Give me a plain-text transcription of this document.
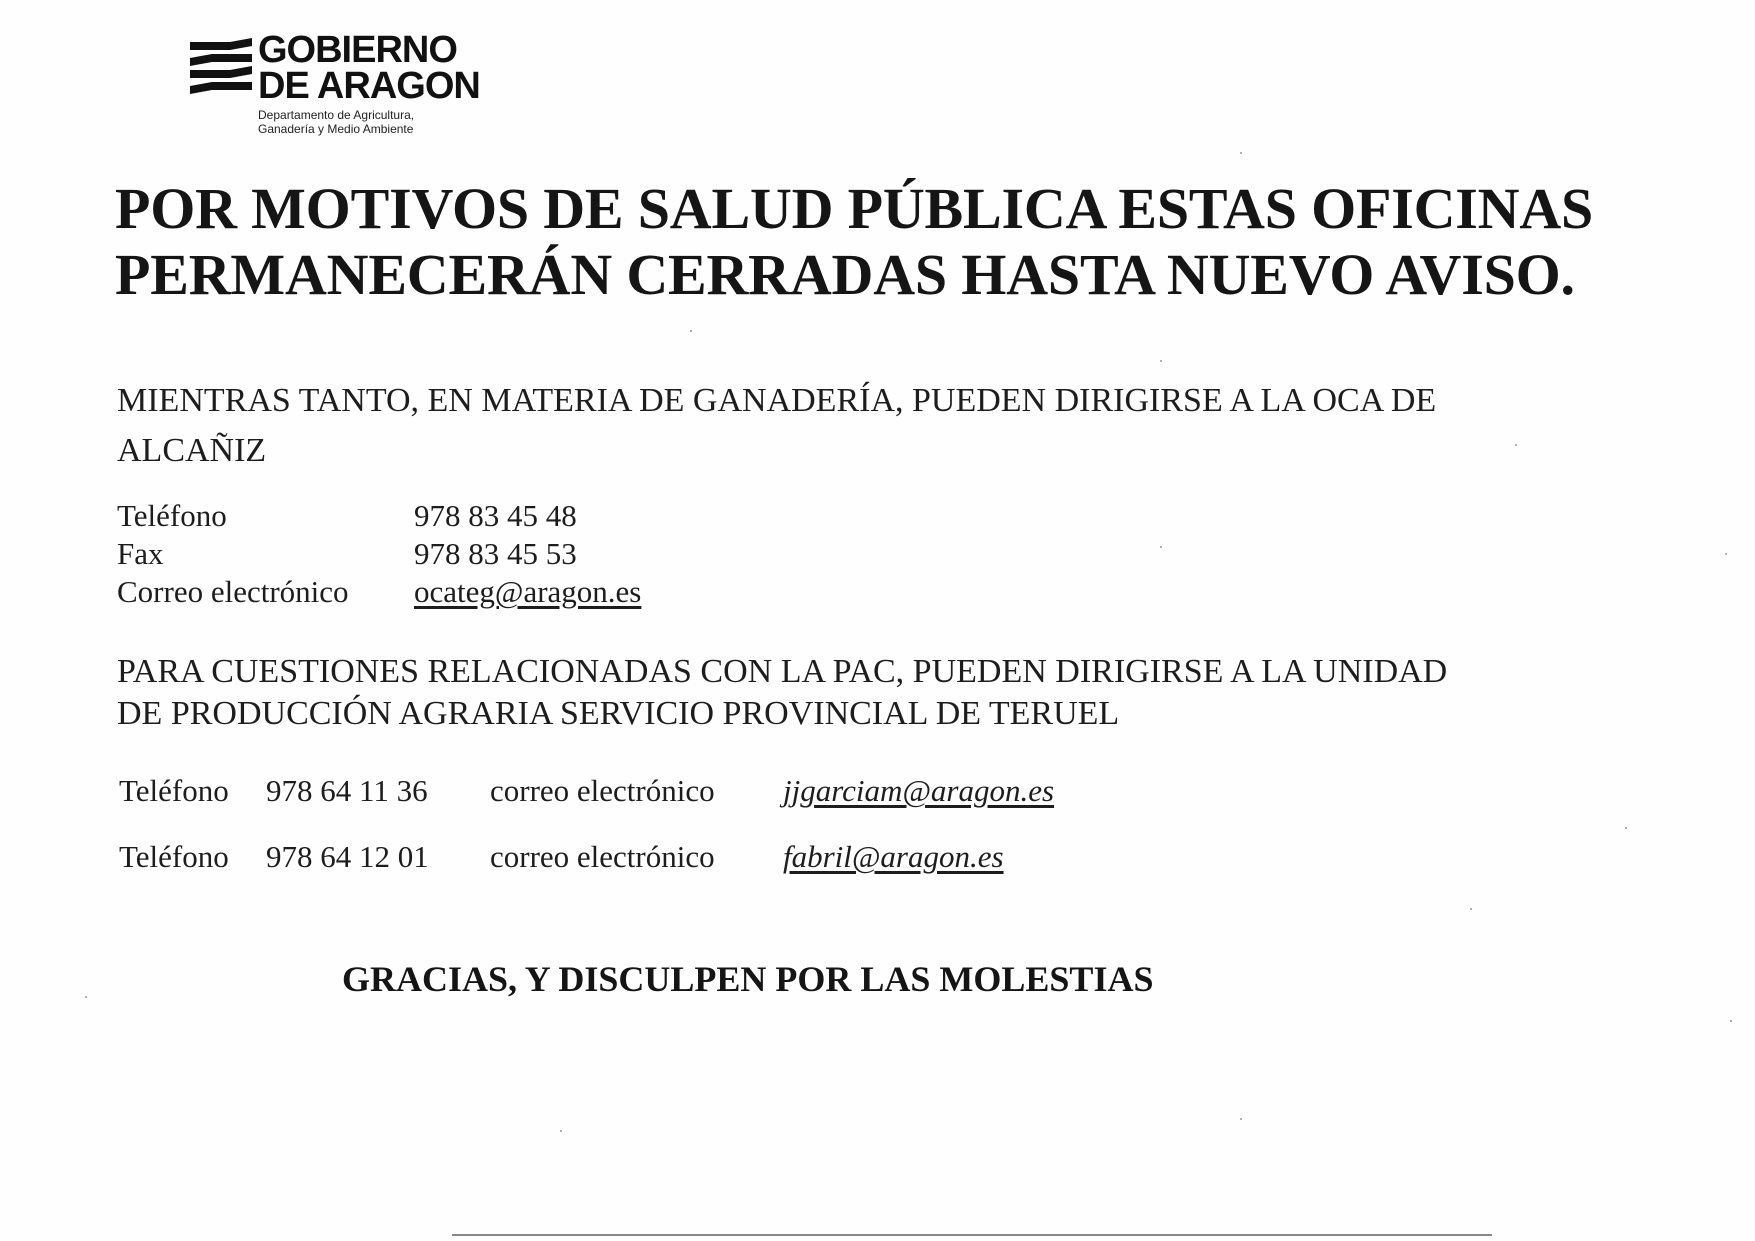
GOBIERNO
DE ARAGON
Departamento de Agricultura,
Ganadería y Medio Ambiente
POR MOTIVOS DE SALUD PÚBLICA ESTAS OFICINAS
PERMANECERÁN CERRADAS HASTA NUEVO AVISO.
MIENTRAS TANTO, EN MATERIA DE GANADERÍA, PUEDEN DIRIGIRSE A LA OCA DE
ALCAÑIZ
Teléfono	978 83 45 48
Fax	978 83 45 53
Correo electrónico ocateg@aragon.es
PARA CUESTIONES RELACIONADAS CON LA PAC, PUEDEN DIRIGIRSE A LA UNIDAD
DE PRODUCCIÓN AGRARIA SERVICIO PROVINCIAL DE TERUEL
Teléfono 978 64 11 36 correo electrónico jjgarciam@aragon.es
Teléfono 978 64 12 01 correo electrónico fabril@aragon.es
GRACIAS, Y DISCULPEN POR LAS MOLESTIAS
